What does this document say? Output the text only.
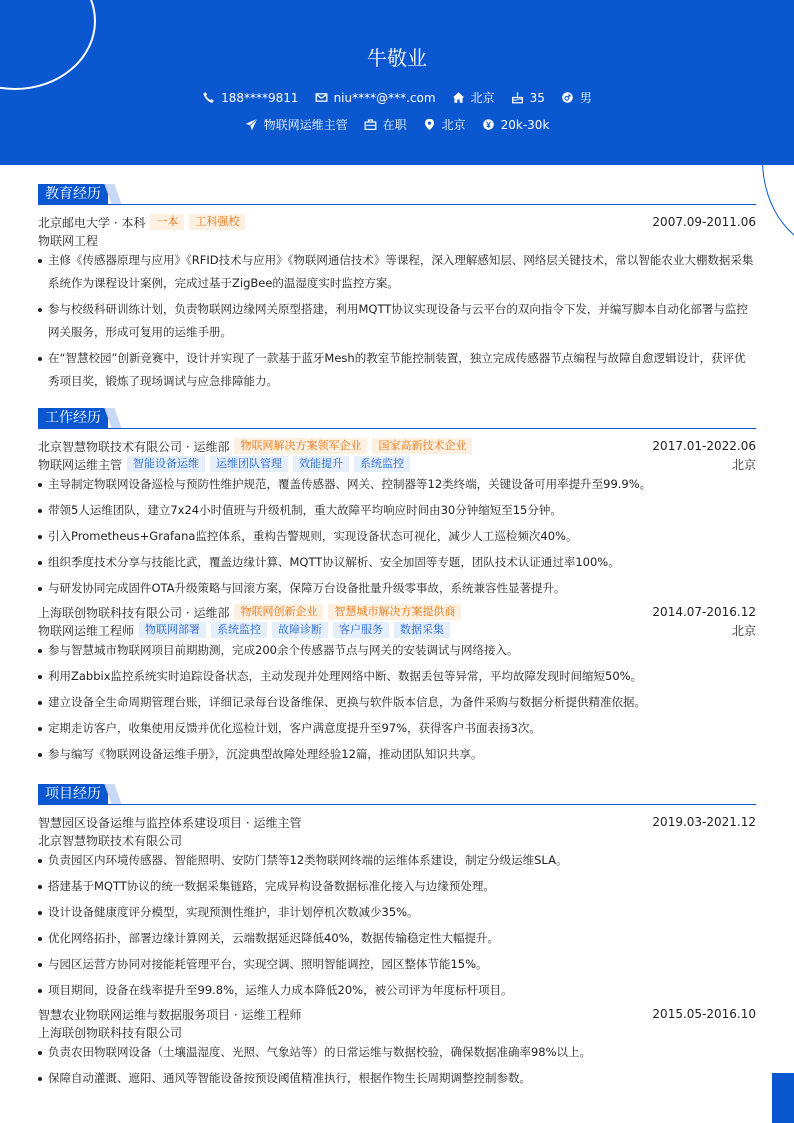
牛敬业
188****9811	niu****@***.com	北京	35	男
物联网运维主管	在职	北京	20k-30k
教育经历
北京邮电大学 · 本科	一本	工科强校	2007.09-2011.06
物联网工程
主修《传感器原理与应用》《RFID技术与应用》《物联网通信技术》等课程，深入理解感知层、网络层关键技术，常以智能农业大棚数据采集系统作为课程设计案例，完成过基于ZigBee的温湿度实时监控方案。
参与校级科研训练计划，负责物联网边缘网关原型搭建，利用MQTT协议实现设备与云平台的双向指令下发，并编写脚本自动化部署与监控网关服务，形成可复用的运维手册。
在“智慧校园”创新竞赛中，设计并实现了一款基于蓝牙Mesh的教室节能控制装置，独立完成传感器节点编程与故障自愈逻辑设计，获评优秀项目奖，锻炼了现场调试与应急排障能力。
工作经历
北京智慧物联技术有限公司 · 运维部	物联网解决方案领军企业	国家高新技术企业	2017.01-2022.06
物联网运维主管	智能设备运维	运维团队管理	效能提升	系统监控	北京
主导制定物联网设备巡检与预防性维护规范，覆盖传感器、网关、控制器等12类终端，关键设备可用率提升至99.9%。
带领5人运维团队，建立7x24小时值班与升级机制，重大故障平均响应时间由30分钟缩短至15分钟。
引入Prometheus+Grafana监控体系，重构告警规则，实现设备状态可视化，减少人工巡检频次40%。
组织季度技术分享与技能比武，覆盖边缘计算、MQTT协议解析、安全加固等专题，团队技术认证通过率100%。
与研发协同完成固件OTA升级策略与回滚方案，保障万台设备批量升级零事故，系统兼容性显著提升。
上海联创物联科技有限公司 · 运维部	物联网创新企业	智慧城市解决方案提供商	2014.07-2016.12
物联网运维工程师	物联网部署	系统监控	故障诊断	客户服务	数据采集	北京
参与智慧城市物联网项目前期勘测，完成200余个传感器节点与网关的安装调试与网络接入。
利用Zabbix监控系统实时追踪设备状态，主动发现并处理网络中断、数据丢包等异常，平均故障发现时间缩短50%。
建立设备全生命周期管理台账，详细记录每台设备维保、更换与软件版本信息，为备件采购与数据分析提供精准依据。
定期走访客户，收集使用反馈并优化巡检计划，客户满意度提升至97%，获得客户书面表扬3次。
参与编写《物联网设备运维手册》，沉淀典型故障处理经验12篇，推动团队知识共享。
项目经历
智慧园区设备运维与监控体系建设项目 · 运维主管	2019.03-2021.12
北京智慧物联技术有限公司
负责园区内环境传感器、智能照明、安防门禁等12类物联网终端的运维体系建设，制定分级运维SLA。
搭建基于MQTT协议的统一数据采集链路，完成异构设备数据标准化接入与边缘预处理。
设计设备健康度评分模型，实现预测性维护，非计划停机次数减少35%。
优化网络拓扑，部署边缘计算网关，云端数据延迟降低40%，数据传输稳定性大幅提升。
与园区运营方协同对接能耗管理平台，实现空调、照明智能调控，园区整体节能15%。
项目期间，设备在线率提升至99.8%，运维人力成本降低20%，被公司评为年度标杆项目。
智慧农业物联网运维与数据服务项目 · 运维工程师	2015.05-2016.10
上海联创物联科技有限公司
负责农田物联网设备（土壤温湿度、光照、气象站等）的日常运维与数据校验，确保数据准确率98%以上。
保障自动灌溉、遮阳、通风等智能设备按预设阈值精准执行，根据作物生长周期调整控制参数。
